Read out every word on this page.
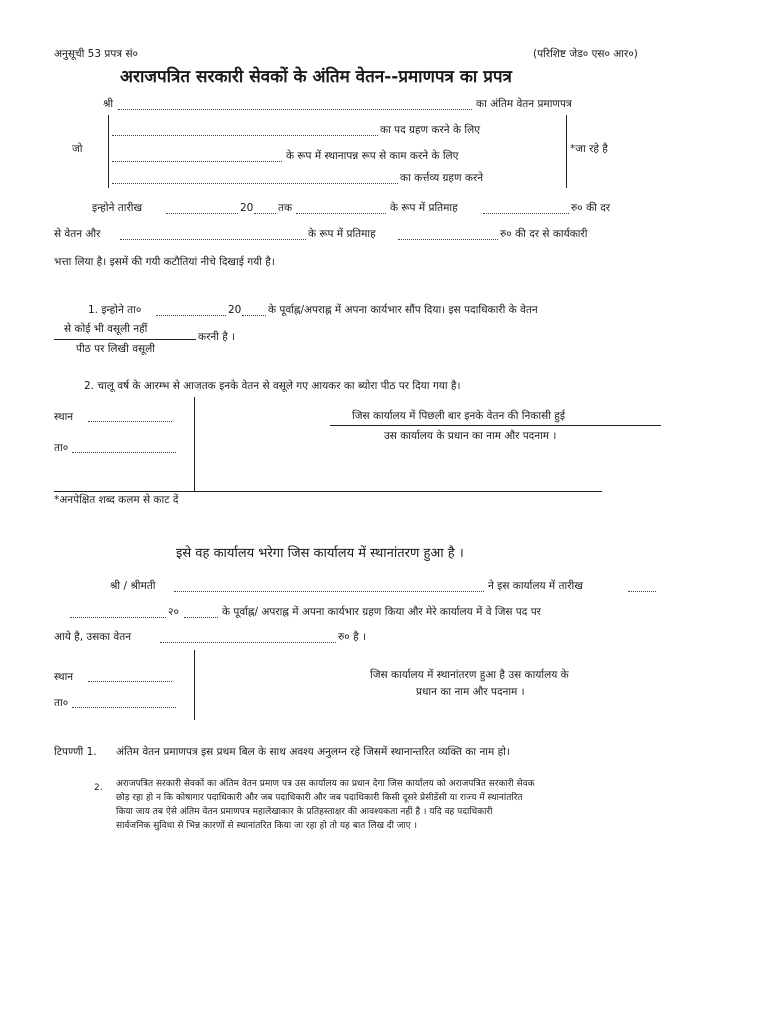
अनुसूची 53 प्रपत्र सं०	(परिशिष्ट जेड० एस० आर०)
अराजपत्रित सरकारी सेवकों के अंतिम वेतन--प्रमाणपत्र का प्रपत्र
श्री	का अंतिम वेतन प्रमाणपत्र
जो
का पद ग्रहण करने के लिए
के रूप में स्थानापन्न रूप से काम करने के लिए
का कर्त्तव्य ग्रहण करने
*जा रहे है
इन्होने तारीख	20 तक	के रूप में प्रतिमाह	रु० की दर
से वेतन और	के रूप में प्रतिमाह	रु० की दर से कार्यकारी
भत्ता लिया है। इसमें की गयी कटौतियां नीचे दिखाई गयी है।
1. इन्होने ता०	20	के पूर्वाह्न/अपराह्न में अपना कार्यभार सौंप दिया। इस पदाधिकारी के वेतन
से कोई भी वसूली नहीं
करनी है ।
पीठ पर लिखी वसूली
2. चालू वर्ष के आरम्भ से आजतक इनके वेतन से वसूले गए आयकर का ब्योरा पीठ पर दिया गया है।
स्थान
ता०
जिस कार्यालय में पिछली बार इनके वेतन की निकासी हुई
उस कार्यालय के प्रधान का नाम और पदनाम ।
*अनपेक्षित शब्द कलम से काट दें
इसे वह कार्यालय भरेगा जिस कार्यालय में स्थानांतरण हुआ है ।
श्री / श्रीमती	ने इस कार्यालय में तारीख
२०	के पूर्वाह्न/ अपराह्न में अपना कार्यभार ग्रहण किया और मेरे कार्यालय में वे जिस पद पर
आये है, उसका वेतन	रु० है ।
स्थान
ता०
जिस कार्यालय में स्थानांतरण हुआ है उस कार्यालय के
प्रधान का नाम और पदनाम ।
टिपण्णी 1. अंतिम वेतन प्रमाणपत्र इस प्रथम बिल के साथ अवश्य अनुलग्न रहे जिसमें स्थानान्तरित व्यक्ति का नाम हो।
2. अराजपत्रित सरकारी सेवकों का अंतिम वेतन प्रमाण पत्र उस कार्यालय का प्रधान देगा जिस कार्यालय को अराजपत्रित सरकारी सेवक
छोड़ रहा हो न कि कोषागार पदाधिकारी और जब पदाधिकारी और जब पदाधिकारी किसी दूसरे प्रेसीडेंसी या राज्य में स्थानांतरित
किया जाय तब ऐसे अंतिम वेतन प्रमाणपत्र महालेखाकार के प्रतिहस्ताक्षर की आवश्यकता नहीं है । यदि वह पदाधिकारी
सार्वजनिक सुविधा से भिन्न कारणों से स्थानांतरित किया जा रहा हो तो यह बात लिख दी जाए ।
